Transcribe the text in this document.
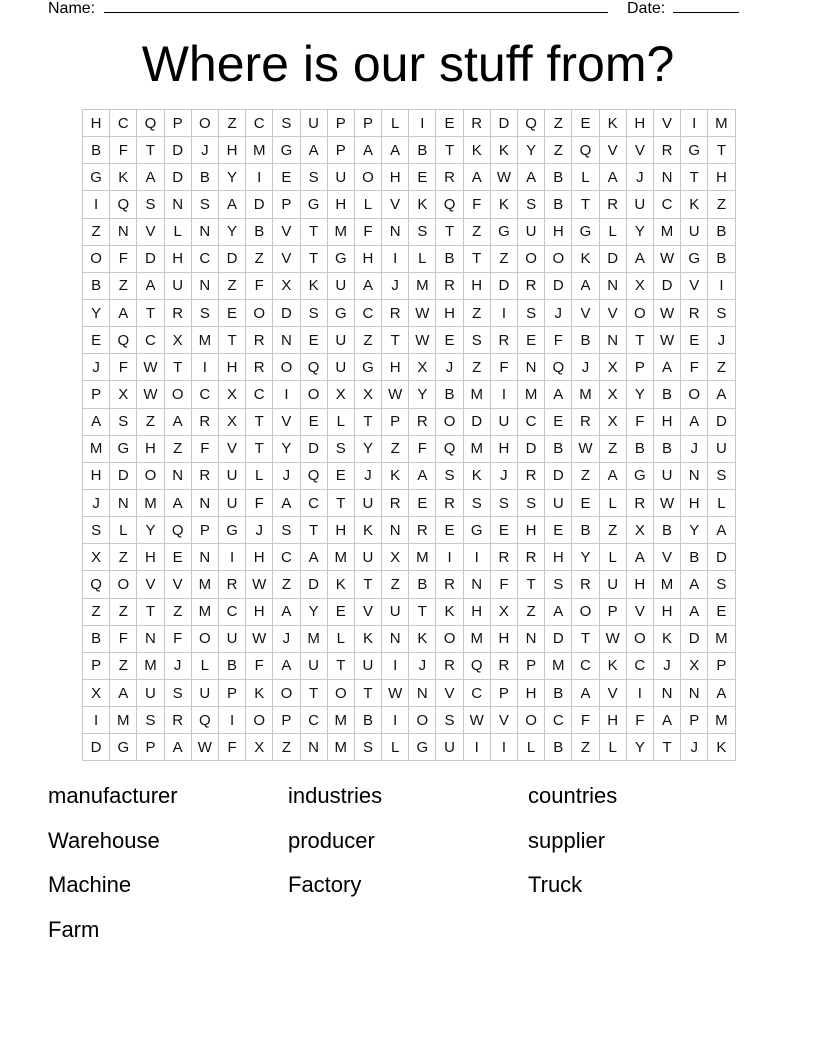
Name:	Date:
Where is our stuff from?
H	C	Q	P	O	Z	C	S	U	P	P	L	I	E	R	D	Q	Z	E	K	H	V	I	M
B	F	T	D	J	H	M	G	A	P	A	A	B	T	K	K	Y	Z	Q	V	V	R	G	T
G	K	A	D	B	Y	I	E	S	U	O	H	E	R	A	W	A	B	L	A	J	N	T	H
I	Q	S	N	S	A	D	P	G	H	L	V	K	Q	F	K	S	B	T	R	U	C	K	Z
Z	N	V	L	N	Y	B	V	T	M	F	N	S	T	Z	G	U	H	G	L	Y	M	U	B
O	F	D	H	C	D	Z	V	T	G	H	I	L	B	T	Z	O	O	K	D	A	W G	B
B	Z	A	U	N	Z	F	X	K	U	A	J	M	R	H	D	R	D	A	N	X	D	V	I
Y	A	T	R	S	E	O	D	S	G	C	R W H	Z	I	S	J	V	V	O W R	S
E	Q	C	X	M	T	R	N	E	U	Z	T	W	E	S	R	E	F	B	N	T	W	E	J
J	F	W	T	I	H	R	O	Q	U	G	H	X	J	Z	F	N	Q	J	X	P	A	F	Z
P	X	W O	C	X	C	I	O	X	X	W	Y	B	M	I	M	A	M	X	Y	B	O	A
A	S	Z	A	R	X	T	V	E	L	T	P	R	O	D	U	C	E	R	X	F	H	A	D
M	G	H	Z	F	V	T	Y	D	S	Y	Z	F	Q	M	H	D	B	W	Z	B	B	J	U
H	D	O	N	R	U	L	J	Q	E	J	K	A	S	K	J	R	D	Z	A	G	U	N	S
J	N	M	A	N	U	F	A	C	T	U	R	E	R	S	S	S	U	E	L	R W H	L
S	L	Y	Q	P	G	J	S	T	H	K	N	R	E	G	E	H	E	B	Z	X	B	Y	A
X	Z	H	E	N	I	H	C	A	M	U	X	M	I	I	R	R	H	Y	L	A	V	B	D
Q	O	V	V	M	R W	Z	D	K	T	Z	B	R	N	F	T	S	R	U	H	M	A	S
Z	Z	T	Z	M	C	H	A	Y	E	V	U	T	K	H	X	Z	A	O	P	V	H	A	E
B	F	N	F	O	U W	J	M	L	K	N	K	O	M	H	N	D	T	W O	K	D	M
P	Z	M	J	L	B	F	A	U	T	U	I	J	R	Q	R	P	M	C	K	C	J	X	P
X	A	U	S	U	P	K	O	T	O	T	W N	V	C	P	H	B	A	V	I	N	N	A
I	M	S	R	Q	I	O	P	C	M	B	I	O	S	W	V	O	C	F	H	F	A	P	M
D	G	P	A	W	F	X	Z	N	M	S	L	G	U	I	I	L	B	Z	L	Y	T	J	K
manufacturer	industries	countries
Warehouse	producer	supplier
Machine	Factory	Truck
Farm
